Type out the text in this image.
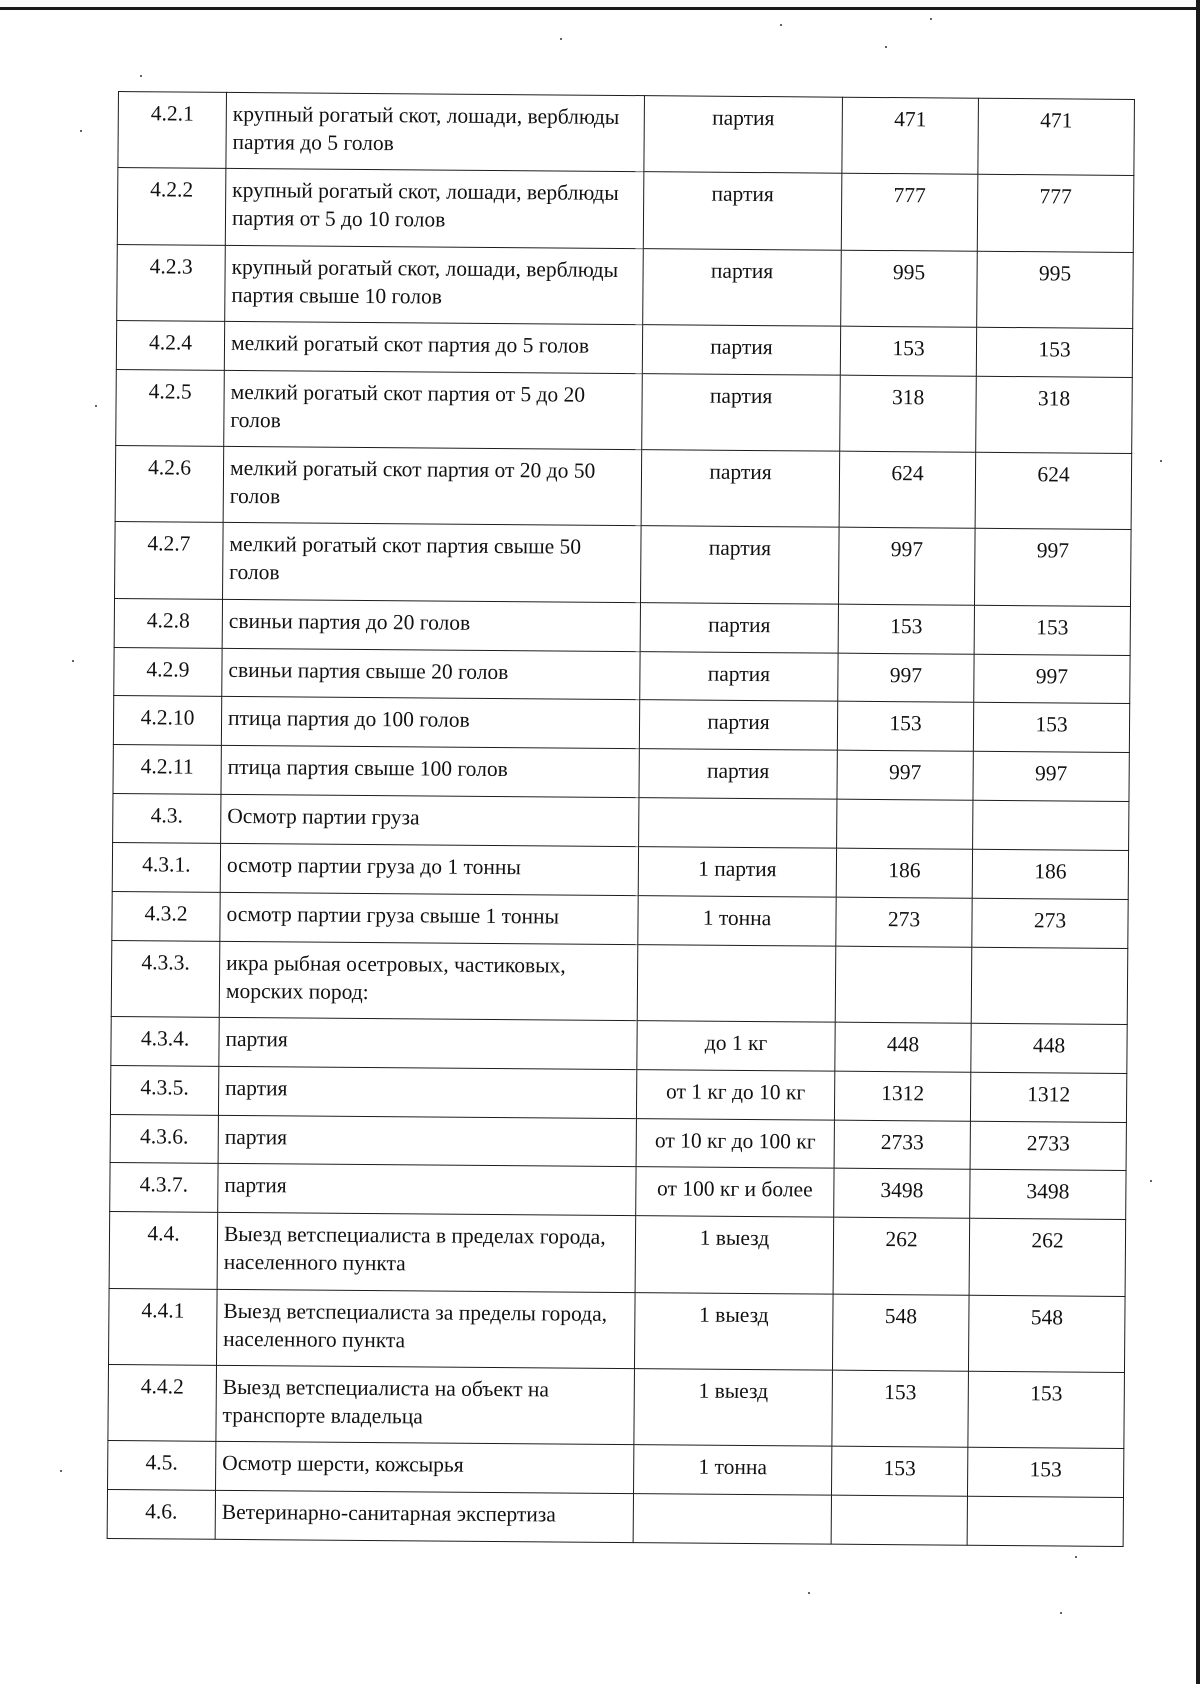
4.2.1	крупный рогатый скот, лошади, верблюды партия до 5 голов	партия	471	471
4.2.2	крупный рогатый скот, лошади, верблюды партия от 5 до 10 голов	партия	777	777
4.2.3	крупный рогатый скот, лошади, верблюды партия свыше 10 голов	партия	995	995
4.2.4	мелкий рогатый скот партия до 5 голов	партия	153	153
4.2.5	мелкий рогатый скот партия от 5 до 20 голов	партия	318	318
4.2.6	мелкий рогатый скот партия от 20 до 50 голов	партия	624	624
4.2.7	мелкий рогатый скот партия свыше 50 голов	партия	997	997
4.2.8	свиньи партия до 20 голов	партия	153	153
4.2.9	свиньи партия свыше 20 голов	партия	997	997
4.2.10	птица партия до 100 голов	партия	153	153
4.2.11	птица партия свыше 100 голов	партия	997	997
4.3.	Осмотр партии груза			
4.3.1.	осмотр партии груза до 1 тонны	1 партия	186	186
4.3.2	осмотр партии груза свыше 1 тонны	1 тонна	273	273
4.3.3.	икра рыбная осетровых, частиковых, морских пород:			
4.3.4.	партия	до 1 кг	448	448
4.3.5.	партия	от 1 кг до 10 кг	1312	1312
4.3.6.	партия	от 10 кг до 100 кг	2733	2733
4.3.7.	партия	от 100 кг и более	3498	3498
4.4.	Выезд ветспециалиста в пределах города, населенного пункта	1 выезд	262	262
4.4.1	Выезд ветспециалиста за пределы города, населенного пункта	1 выезд	548	548
4.4.2	Выезд ветспециалиста на объект на транспорте владельца	1 выезд	153	153
4.5.	Осмотр шерсти, кожсырья	1 тонна	153	153
4.6.	Ветеринарно-санитарная экспертиза			
